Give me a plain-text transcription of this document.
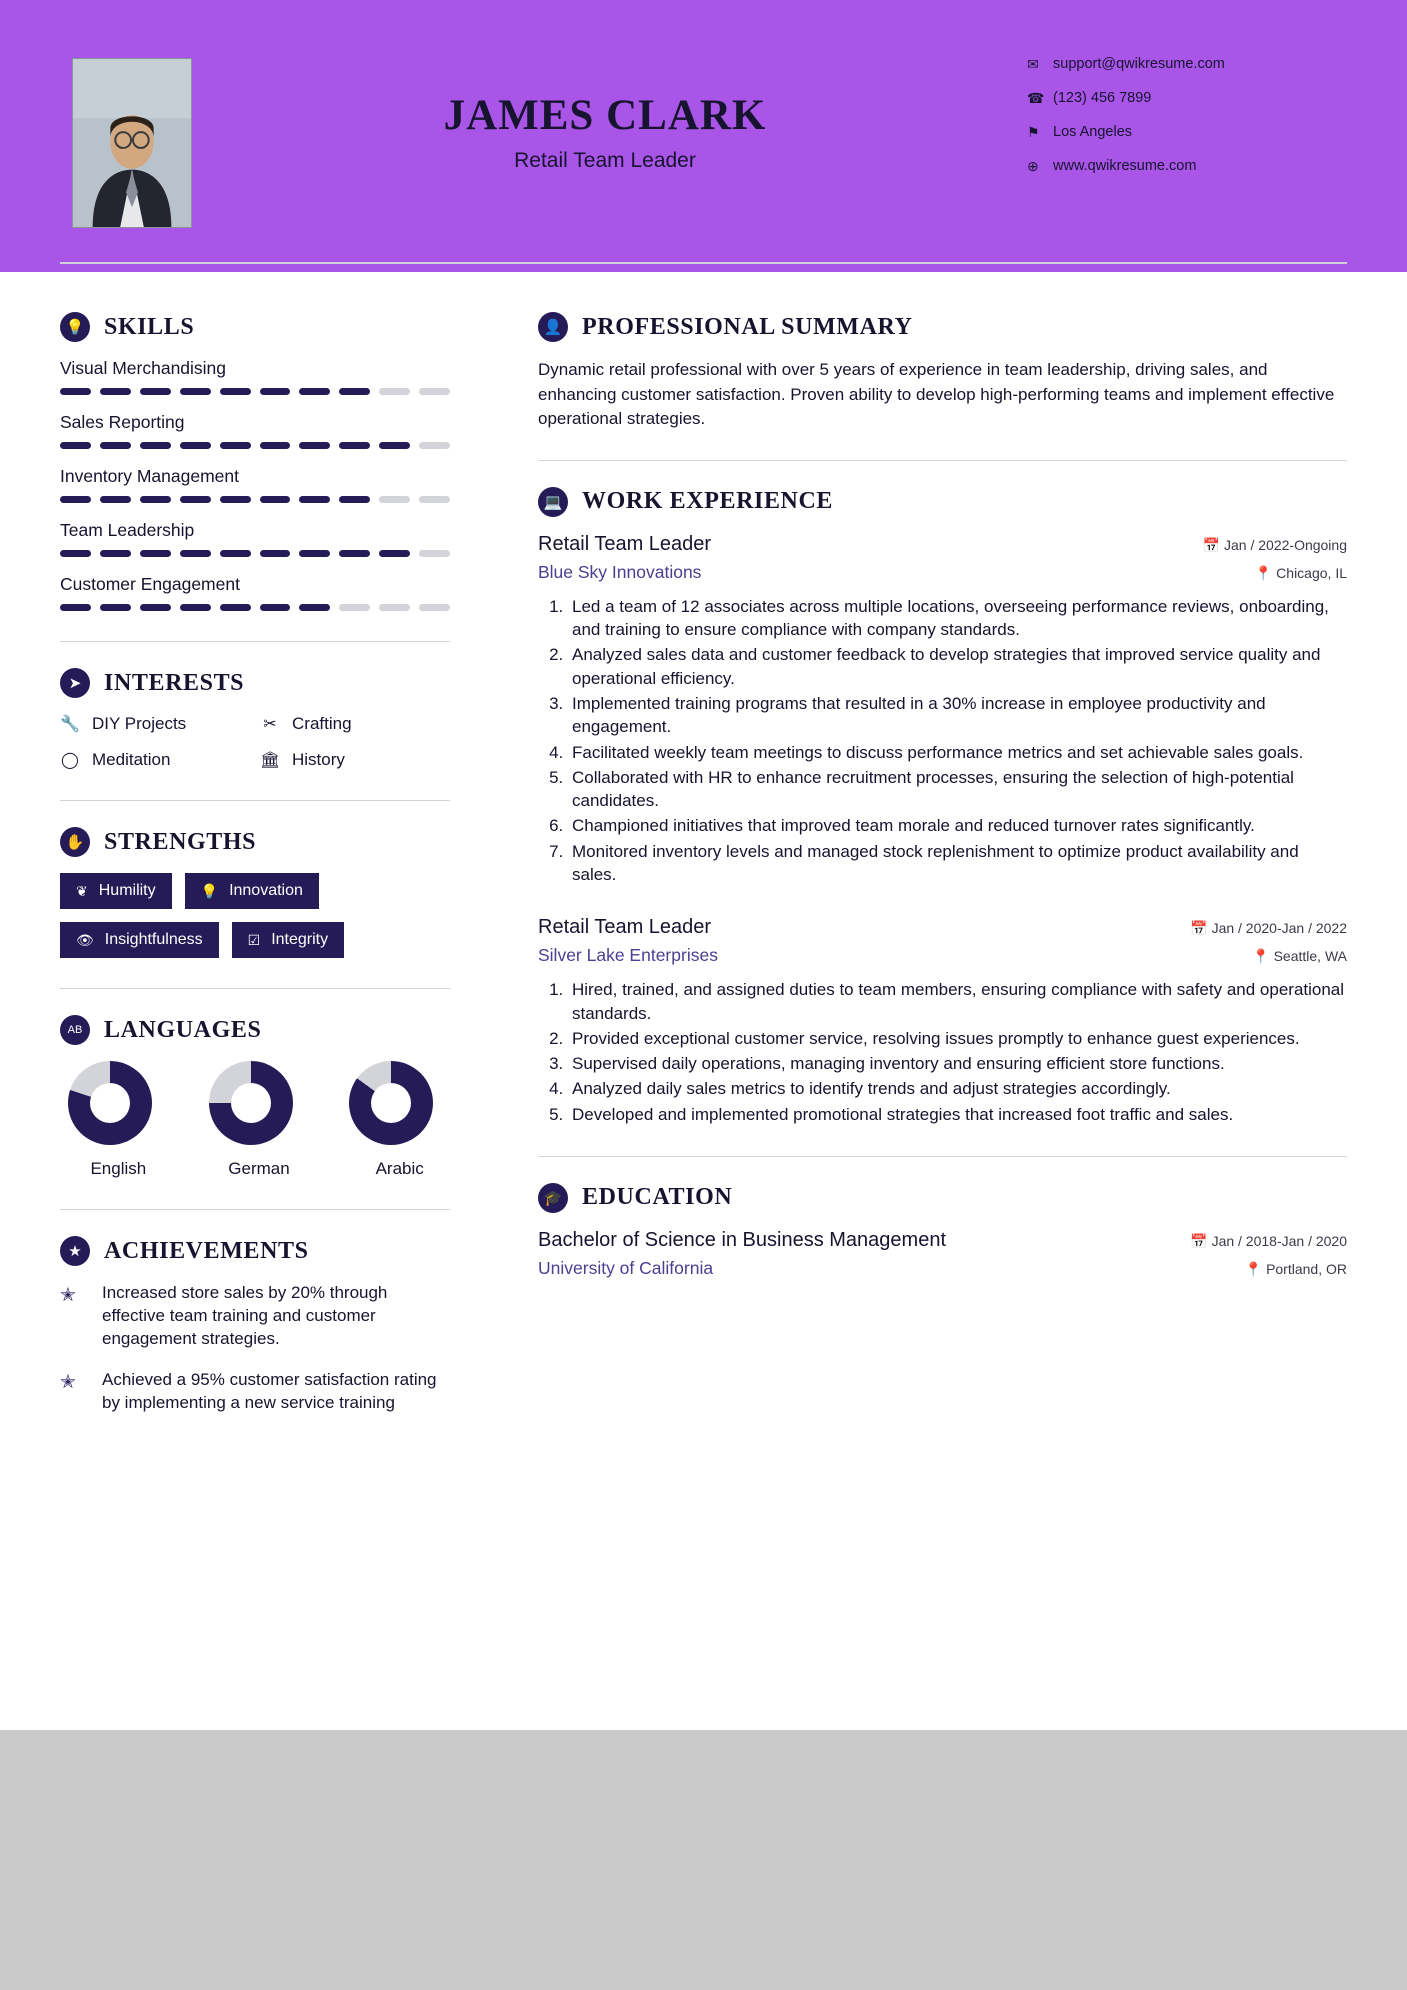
JAMES CLARK
Retail Team Leader
✉ support@qwikresume.com
☎ (123) 456 7899
⚑ Los Angeles
⊕ www.qwikresume.com
💡 SKILLS
Visual Merchandising
Sales Reporting
Inventory Management
Team Leadership
Customer Engagement
➤ INTERESTS
🔧 DIY Projects	✂ Crafting
◯ Meditation	🏛 History
✋ STRENGTHS
❦ Humility	💡 Innovation
👁 Insightfulness	☑ Integrity
AB LANGUAGES
English	German	Arabic
★ ACHIEVEMENTS
✭	Increased store sales by 20% through effective team training and customer engagement strategies.
✭	Achieved a 95% customer satisfaction rating by implementing a new service training
👤 PROFESSIONAL SUMMARY
Dynamic retail professional with over 5 years of experience in team leadership, driving sales, and enhancing customer satisfaction. Proven ability to develop high-performing teams and implement effective operational strategies.
💻 WORK EXPERIENCE
Retail Team Leader	📅 Jan / 2022-Ongoing
Blue Sky Innovations	📍 Chicago, IL
1. Led a team of 12 associates across multiple locations, overseeing performance reviews, onboarding, and training to ensure compliance with company standards.
2. Analyzed sales data and customer feedback to develop strategies that improved service quality and operational efficiency.
3. Implemented training programs that resulted in a 30% increase in employee productivity and engagement.
4. Facilitated weekly team meetings to discuss performance metrics and set achievable sales goals.
5. Collaborated with HR to enhance recruitment processes, ensuring the selection of high-potential candidates.
6. Championed initiatives that improved team morale and reduced turnover rates significantly.
7. Monitored inventory levels and managed stock replenishment to optimize product availability and sales.
Retail Team Leader	📅 Jan / 2020-Jan / 2022
Silver Lake Enterprises	📍 Seattle, WA
1. Hired, trained, and assigned duties to team members, ensuring compliance with safety and operational standards.
2. Provided exceptional customer service, resolving issues promptly to enhance guest experiences.
3. Supervised daily operations, managing inventory and ensuring efficient store functions.
4. Analyzed daily sales metrics to identify trends and adjust strategies accordingly.
5. Developed and implemented promotional strategies that increased foot traffic and sales.
🎓 EDUCATION
Bachelor of Science in Business Management	📅 Jan / 2018-Jan / 2020
University of California	📍 Portland, OR
